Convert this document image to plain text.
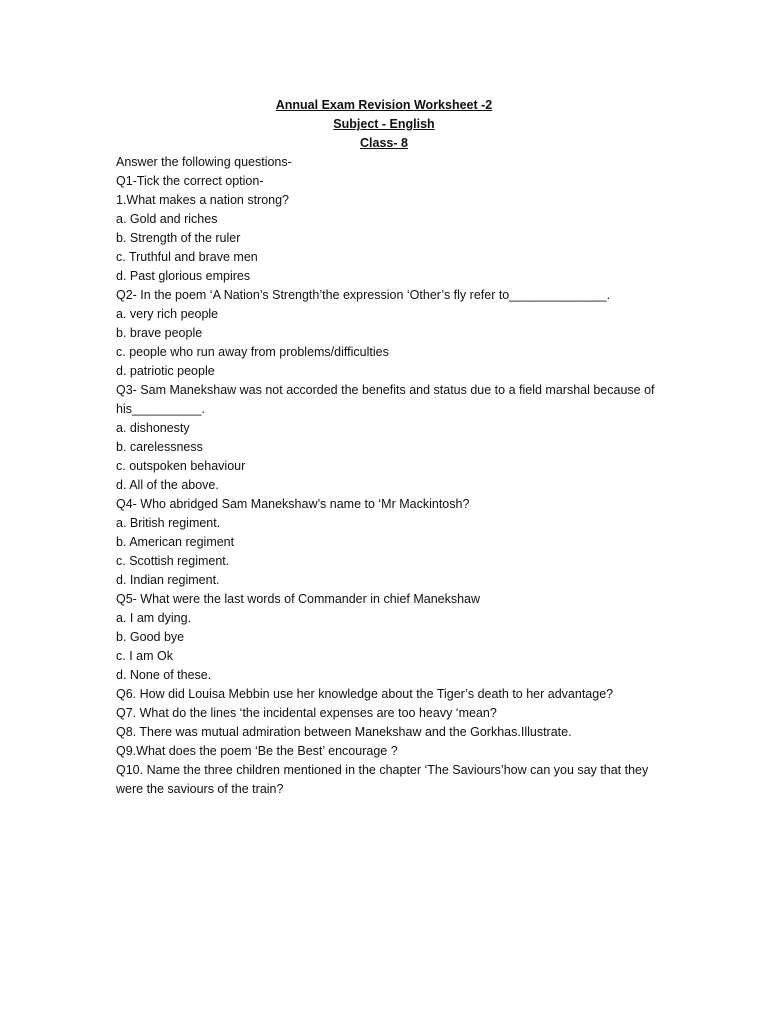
Annual Exam Revision Worksheet -2
Subject - English
Class- 8
Answer the following questions-
Q1-Tick the correct option-
1.What makes a nation strong?
a. Gold and riches
b. Strength of the ruler
c. Truthful and brave men
d. Past glorious empires
Q2- In the poem ‘A Nation’s Strength’the expression ‘Other’s fly refer to______________.
a. very rich people
b. brave people
c. people who run away from problems/difficulties
d. patriotic people
Q3- Sam Manekshaw was not accorded the benefits and status due to a field marshal because of his__________.
a. dishonesty
b. carelessness
c. outspoken behaviour
d. All of the above.
Q4- Who abridged Sam Manekshaw’s name to ‘Mr Mackintosh?
a. British regiment.
b. American regiment
c. Scottish regiment.
d. Indian regiment.
Q5- What were the last words of Commander in chief Manekshaw
a. I am dying.
b. Good bye
c. I am Ok
d. None of these.
Q6. How did Louisa Mebbin use her knowledge about the Tiger’s death to her advantage?
Q7. What do the lines ‘the incidental expenses are too heavy ‘mean?
Q8. There was mutual admiration between Manekshaw and the Gorkhas.Illustrate.
Q9.What does the poem ‘Be the Best’ encourage ?
Q10. Name the three children mentioned in the chapter ‘The Saviours’how can you say that they were the saviours of the train?
